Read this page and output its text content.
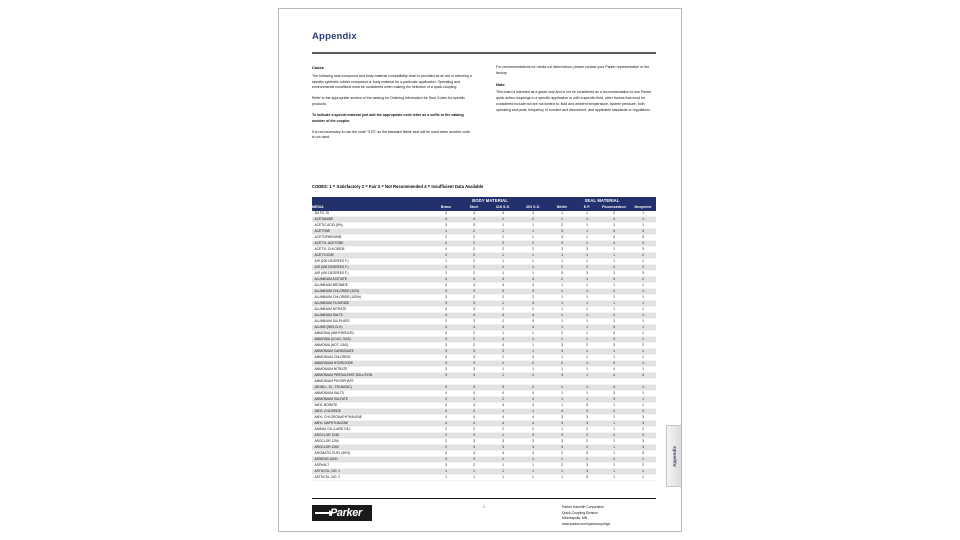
Appendix
Codes

The following seal compound and body material compatibility chart is provided as an aid in selecting a specific synthetic rubber compound or body material for a particular application. Operating and environmental conditions must be considered when making the selection of a quick coupling.

Refer to the appropriate section of the catalog for Ordering Information for Seal Codes for specific products.

To indicate a special material just add the appropriate code letter as a suffix to the catalog number of the coupler.

It is not necessary to use the code “STD” as the standard Nitrile seal will be used when another code is not used.

For recommendations for media not listed below, please contact your Parker representative or the factory.

Note

This chart is intended as a guide only and is not be considered as a recommendation to use Parker quick action couplings in a specific application or with a specific fluid, other factors that must be considered include but are not limited to: fluid and ambient temperature, system pressure, both operating and peak, frequency of connect and disconnect, and applicable standards or regulations.

CODES: 1 = Satisfactory 2 = Fair 3 = Not Recommended 4 = Insufficient Data Available
	BODY MATERIAL				SEAL MATERIAL			
MEDIA	Brass	Steel	316 S.S.	303 S.S.	Nitrile	E.P.	Fluorocarbon	Neoprene
3M FC-75	4	4	4	4	1	1	2	1
ACETAMIDE	4	4	1	2	1	1	3	1
ACETIC ACID (5%)	3	3	1	1	2	1	1	1
ACETONE	1	2	1	1	3	1	3	3
ACETOPHENONE	2	2	2	1	3	1	3	3
ACETYL ACETONE	2	2	2	2	3	1	3	3
ACETYL CHLORIDE	4	2	2	2	3	3	1	3
ACETYLENE	3	2	1	1	1	1	1	2
AIR (200 DEGREES F.)	1	2	1	1	1	1	1	1
AIR (300 DEGREES F.)	1	2	1	1	2	2	1	2
AIR (400 DEGREES F.)	1	2	1	1	3	3	1	3
ALUMINUM ACETATE	4	4	4	4	2	1	3	2
ALUMINUM BROMIDE	4	4	4	4	1	1	1	1
ALUMINUM CHLORIDE (10%)	3	3	3	3	1	1	1	1
ALUMINUM CHLORIDE (100%)	3	2	2	2	1	1	1	1
ALUMINUM FLOURIDE	3	3	1	3	1	1	1	1
ALUMINUM NITRATE	3	3	2	2	1	1	1	1
ALUMINUM SALTS	4	4	4	4	1	1	1	1
ALUMINUM SULPHATE	2	3	2	3	1	1	1	1
ALUMS (NH3,Cr,K)	4	4	4	4	1	1	3	1
AMMONIA (ANHYDROUS)	3	2	1	1	2	1	3	1
AMMONIA (COLD, GAS)	3	2	4	1	1	1	3	1
AMMONIA (HOT, GAS)	3	2	4	1	3	2	3	2
AMMONIUM CARBONATE	3	3	3	1	3	1	1	1
AMMONIUM CHLORIDE	3	3	2	3	1	1	1	1
AMMONIUM HYDROXIDE	3	3	1	2	2	1	3	1
AMMONIUM NITRATE	3	3	1	1	1	1	4	1
AMMONIUM PERSULFATE SOLUTION	3	3	1	2	3	1	4	4
AMMONIUM PHOSPHATE								
(MONO-, DI-, TRI-BASIC)	3	3	3	2	1	1	4	1
AMMONIUM SALTS	4	4	4	4	1	1	3	1
AMMONIUM SULFATE	3	3	2	3	1	1	3	1
AMYL BORATE	4	4	4	4	1	3	1	1
AMYL CHLORIDE	4	2	1	1	4	3	1	3
AMYL CHLORONAPHTHALENE	4	4	4	4	3	3	1	3
AMYL NAPHTHALENE	4	4	4	4	3	3	1	3
ANIMAL OIL (LARD OIL)	2	2	2	2	1	2	1	2
AROCLOR 1248	2	3	1	3	3	2	1	3
AROCLOR 1254	2	3	3	3	3	2	1	3
AROCLOR 1260	2	3	3	3	3	2	1	3
AROMATIC FUEL (50%)	4	4	4	4	2	3	1	3
ARSENIC ACID	3	3	1	1	1	1	1	1
ASPHALT	3	2	1	1	2	3	1	2
ASTM OIL, NO. 1	1	1	1	1	1	3	1	1
ASTM OIL, NO. 2	1	1	1	1	1	3	1	1
Parker
i	Parker Hannifin Corporation
Quick Coupling Division
Minneapolis, MN
www.parker.com/quickcouplings
Appendix
